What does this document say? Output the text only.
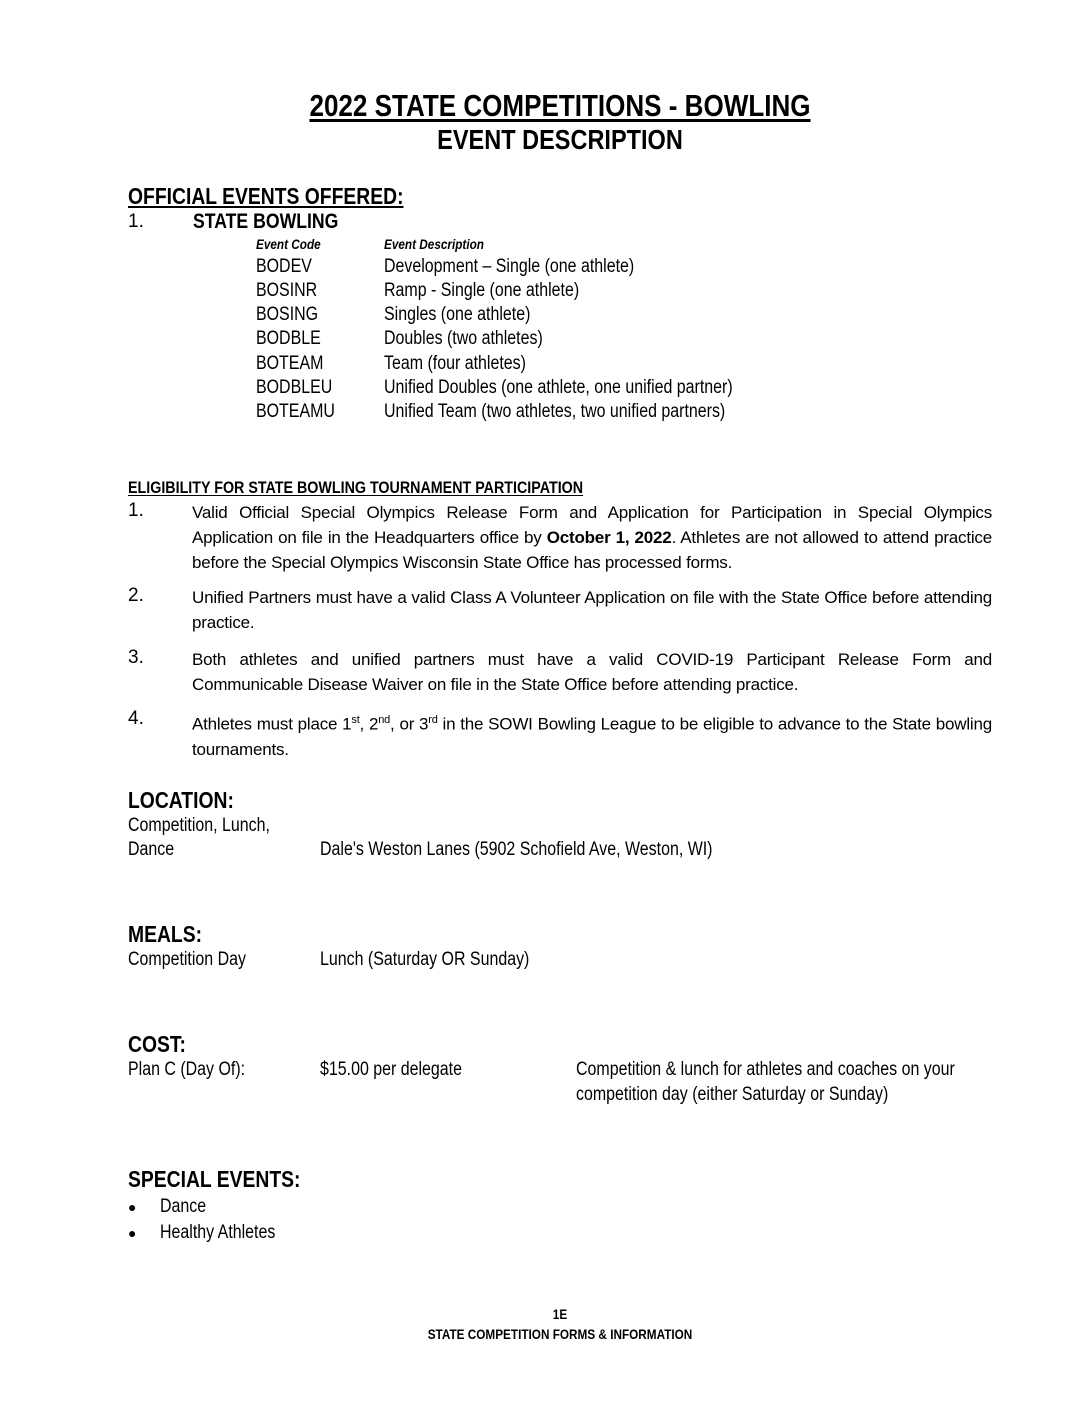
2022 STATE COMPETITIONS - BOWLING
EVENT DESCRIPTION
OFFICIAL EVENTS OFFERED:
1. STATE BOWLING
Event Code	Event Description
BODEV	Development – Single (one athlete)
BOSINR	Ramp - Single (one athlete)
BOSING	Singles (one athlete)
BODBLE	Doubles (two athletes)
BOTEAM	Team (four athletes)
BODBLEU	Unified Doubles (one athlete, one unified partner)
BOTEAMU	Unified Team (two athletes, two unified partners)
ELIGIBILITY FOR STATE BOWLING TOURNAMENT PARTICIPATION
1.	Valid Official Special Olympics Release Form and Application for Participation in Special Olympics Application on file in the Headquarters office by October 1, 2022. Athletes are not allowed to attend practice before the Special Olympics Wisconsin State Office has processed forms.
2.	Unified Partners must have a valid Class A Volunteer Application on file with the State Office before attending practice.
3.	Both athletes and unified partners must have a valid COVID-19 Participant Release Form and Communicable Disease Waiver on file in the State Office before attending practice.
4.	Athletes must place 1st, 2nd, or 3rd in the SOWI Bowling League to be eligible to advance to the State bowling tournaments.
LOCATION:
Competition, Lunch,
Dance	Dale's Weston Lanes (5902 Schofield Ave, Weston, WI)
MEALS:
Competition Day	Lunch (Saturday OR Sunday)
COST:
Plan C (Day Of):	$15.00 per delegate	Competition & lunch for athletes and coaches on your
competition day (either Saturday or Sunday)
SPECIAL EVENTS:
● Dance
● Healthy Athletes
1E
STATE COMPETITION FORMS & INFORMATION
